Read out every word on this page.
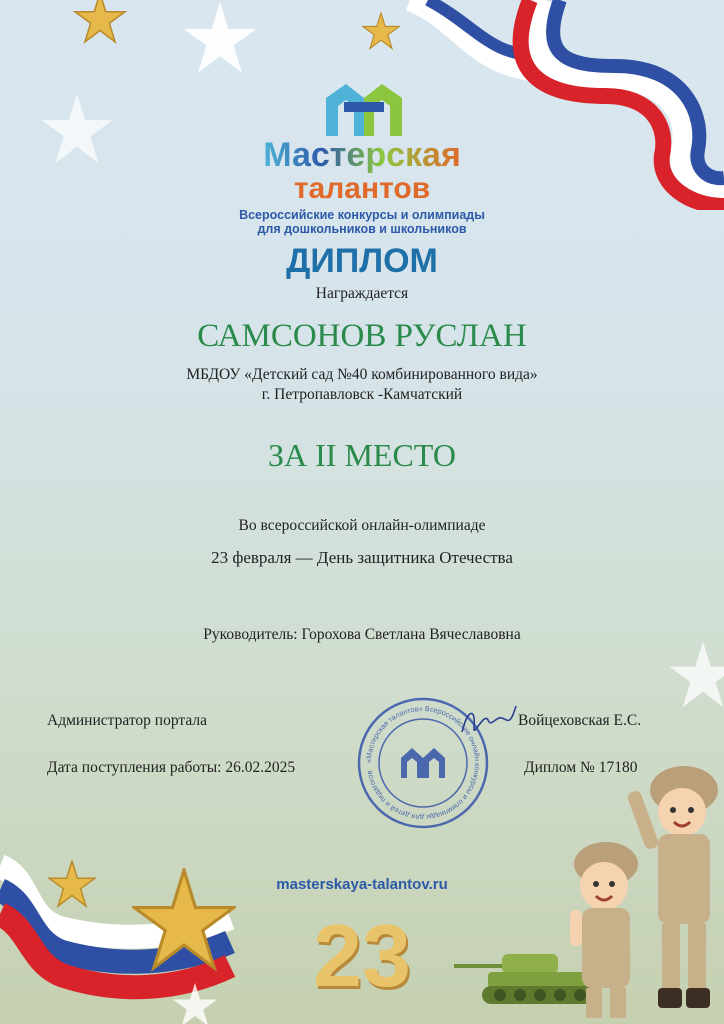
Мастерская
талантов
Всероссийские конкурсы и олимпиады
для дошкольников и школьников
ДИПЛОМ
Награждается
САМСОНОВ РУСЛАН
МБДОУ «Детский сад №40 комбинированного вида»
г. Петропавловск -Камчатский
ЗА II МЕСТО
Во всероссийской онлайн-олимпиаде
23 февраля — День защитника Отечества
Руководитель: Горохова Светлана Вячеславовна
Администратор портала	Войцеховская Е.С.
Дата поступления работы: 26.02.2025	Диплом № 17180
«Мастерская талантов» Всероссийские онлайн конкурсы и олимпиады для детей и педагогов
masterskaya-talantov.ru
23
